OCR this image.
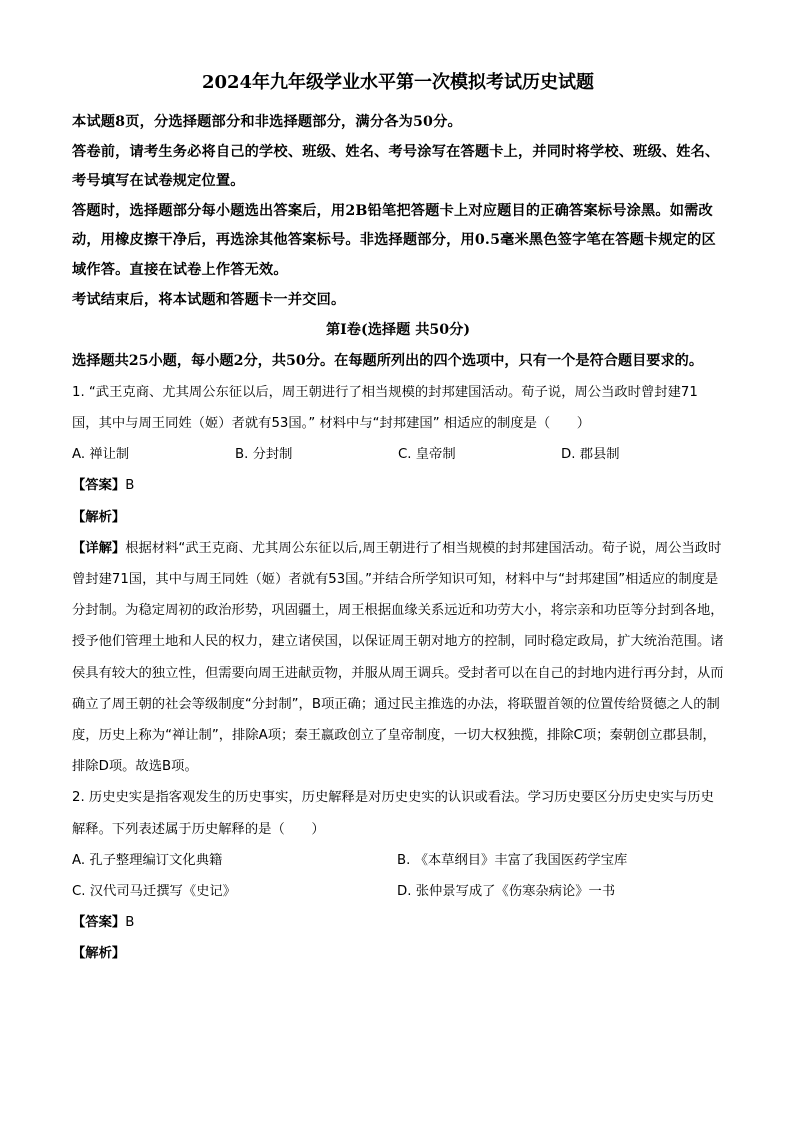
2024年九年级学业水平第一次模拟考试历史试题

本试题8页，分选择题部分和非选择题部分，满分各为50分。

答卷前，请考生务必将自己的学校、班级、姓名、考号涂写在答题卡上，并同时将学校、班级、姓名、考号填写在试卷规定位置。

答题时，选择题部分每小题选出答案后，用2B铅笔把答题卡上对应题目的正确答案标号涂黑。如需改动，用橡皮擦干净后，再选涂其他答案标号。非选择题部分，用0.5毫米黑色签字笔在答题卡规定的区域作答。直接在试卷上作答无效。

考试结束后，将本试题和答题卡一并交回。

第Ⅰ卷(选择题 共50分)

选择题共25小题，每小题2分，共50分。在每题所列出的四个选项中，只有一个是符合题目要求的。

1. “武王克商、尤其周公东征以后，周王朝进行了相当规模的封邦建国活动。荀子说，周公当政时曾封建71国，其中与周王同姓（姬）者就有53国。” 材料中与“封邦建国” 相适应的制度是（　　）

A. 禅让制	B. 分封制	C. 皇帝制	D. 郡县制

【答案】B

【解析】

【详解】根据材料“武王克商、尤其周公东征以后,周王朝进行了相当规模的封邦建国活动。荀子说，周公当政时曾封建71国，其中与周王同姓（姬）者就有53国。”并结合所学知识可知，材料中与“封邦建国”相适应的制度是分封制。为稳定周初的政治形势，巩固疆土，周王根据血缘关系远近和功劳大小，将宗亲和功臣等分封到各地，授予他们管理土地和人民的权力，建立诸侯国，以保证周王朝对地方的控制，同时稳定政局，扩大统治范围。诸侯具有较大的独立性，但需要向周王进献贡物，并服从周王调兵。受封者可以在自己的封地内进行再分封，从而确立了周王朝的社会等级制度“分封制”，B项正确；通过民主推选的办法，将联盟首领的位置传给贤德之人的制度，历史上称为“禅让制”，排除A项；秦王嬴政创立了皇帝制度，一切大权独揽，排除C项；秦朝创立郡县制，排除D项。故选B项。

2. 历史史实是指客观发生的历史事实，历史解释是对历史史实的认识或看法。学习历史要区分历史史实与历史解释。下列表述属于历史解释的是（　　）

A. 孔子整理编订文化典籍	B. 《本草纲目》丰富了我国医药学宝库
C. 汉代司马迁撰写《史记》	D. 张仲景写成了《伤寒杂病论》一书

【答案】B

【解析】
